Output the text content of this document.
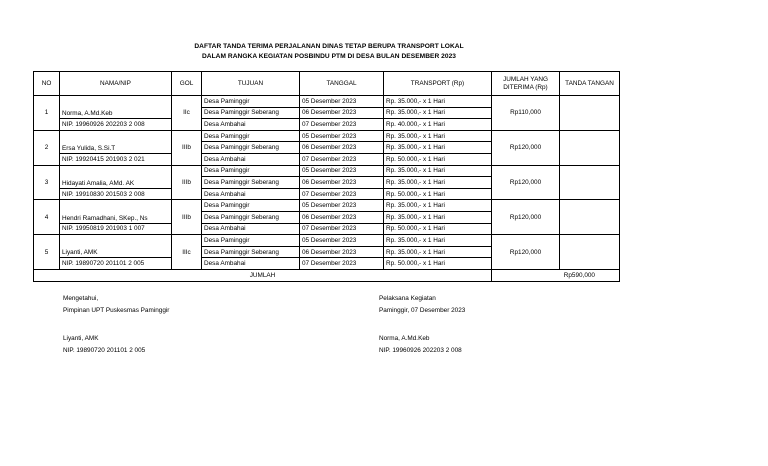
DAFTAR TANDA TERIMA PERJALANAN DINAS TETAP BERUPA TRANSPORT LOKAL
DALAM RANGKA KEGIATAN POSBINDU PTM DI DESA BULAN DESEMBER 2023
NO	NAMA/NIP	GOL	TUJUAN	TANGGAL	TRANSPORT (Rp)	JUMLAH YANG DITERIMA (Rp)	TANDA TANGAN
1	Norma, A.Md.Keb	IIc	Desa Paminggir	05 Desember 2023	Rp. 35.000,- x 1 Hari	Rp110,000	
			Desa Paminggir Seberang	06 Desember 2023	Rp. 35.000,- x 1 Hari		
	NIP. 19960926 202203 2 008		Desa Ambahai	07 Desember 2023	Rp. 40.000,- x 1 Hari		
2	Ersa Yulida, S.Si.T	IIIb	Desa Paminggir	05 Desember 2023	Rp. 35.000,- x 1 Hari	Rp120,000	
			Desa Paminggir Seberang	06 Desember 2023	Rp. 35.000,- x 1 Hari		
	NIP. 19920415 201903 2 021		Desa Ambahai	07 Desember 2023	Rp. 50.000,- x 1 Hari		
3	Hidayati Amalia, AMd. AK	IIIb	Desa Paminggir	05 Desember 2023	Rp. 35.000,- x 1 Hari	Rp120,000	
			Desa Paminggir Seberang	06 Desember 2023	Rp. 35.000,- x 1 Hari		
	NIP. 19910830 201503 2 008		Desa Ambahai	07 Desember 2023	Rp. 50.000,- x 1 Hari		
4	Hendri Ramadhani, SKep., Ns	IIIb	Desa Paminggir	05 Desember 2023	Rp. 35.000,- x 1 Hari	Rp120,000	
			Desa Paminggir Seberang	06 Desember 2023	Rp. 35.000,- x 1 Hari		
	NIP. 19950819 201903 1 007		Desa Ambahai	07 Desember 2023	Rp. 50.000,- x 1 Hari		
5	Liyanti, AMK	IIIc	Desa Paminggir	05 Desember 2023	Rp. 35.000,- x 1 Hari	Rp120,000	
			Desa Paminggir Seberang	06 Desember 2023	Rp. 35.000,- x 1 Hari		
	NIP. 19890720 201101 2 005		Desa Ambahai	07 Desember 2023	Rp. 50.000,- x 1 Hari		
JUMLAH						Rp590,000	
Mengetahui,
Pimpinan UPT Puskesmas Paminggir
Liyanti, AMK
NIP. 19890720 201101 2 005
Pelaksana Kegiatan
Paminggir, 07 Desember 2023
Norma, A.Md.Keb
NIP. 19960926 202203 2 008
